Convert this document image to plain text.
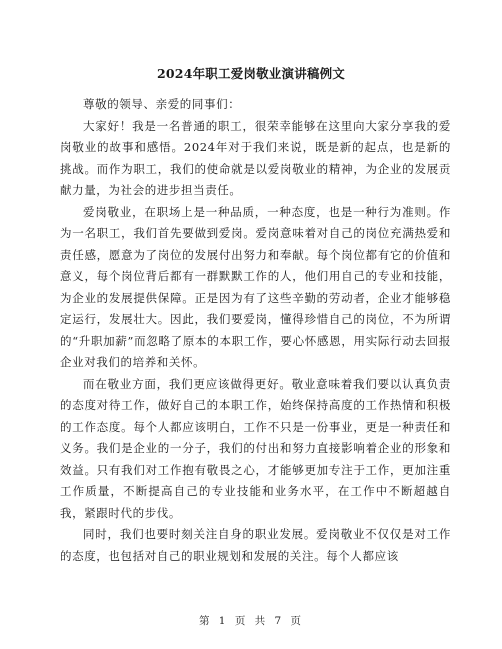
2024年职工爱岗敬业演讲稿例文

尊敬的领导、亲爱的同事们：

大家好！我是一名普通的职工，很荣幸能够在这里向大家分享我的爱岗敬业的故事和感悟。2024年对于我们来说，既是新的起点，也是新的挑战。而作为职工，我们的使命就是以爱岗敬业的精神，为企业的发展贡献力量，为社会的进步担当责任。

爱岗敬业，在职场上是一种品质，一种态度，也是一种行为准则。作为一名职工，我们首先要做到爱岗。爱岗意味着对自己的岗位充满热爱和责任感，愿意为了岗位的发展付出努力和奉献。每个岗位都有它的价值和意义，每个岗位背后都有一群默默工作的人，他们用自己的专业和技能，为企业的发展提供保障。正是因为有了这些辛勤的劳动者，企业才能够稳定运行，发展壮大。因此，我们要爱岗，懂得珍惜自己的岗位，不为所谓的“升职加薪”而忽略了原本的本职工作，要心怀感恩，用实际行动去回报企业对我们的培养和关怀。

而在敬业方面，我们更应该做得更好。敬业意味着我们要以认真负责的态度对待工作，做好自己的本职工作，始终保持高度的工作热情和积极的工作态度。每个人都应该明白，工作不只是一份事业，更是一种责任和义务。我们是企业的一分子，我们的付出和努力直接影响着企业的形象和效益。只有我们对工作抱有敬畏之心，才能够更加专注于工作，更加注重工作质量，不断提高自己的专业技能和业务水平，在工作中不断超越自我，紧跟时代的步伐。

同时，我们也要时刻关注自身的职业发展。爱岗敬业不仅仅是对工作的态度，也包括对自己的职业规划和发展的关注。每个人都应该

第 1 页 共 7 页
